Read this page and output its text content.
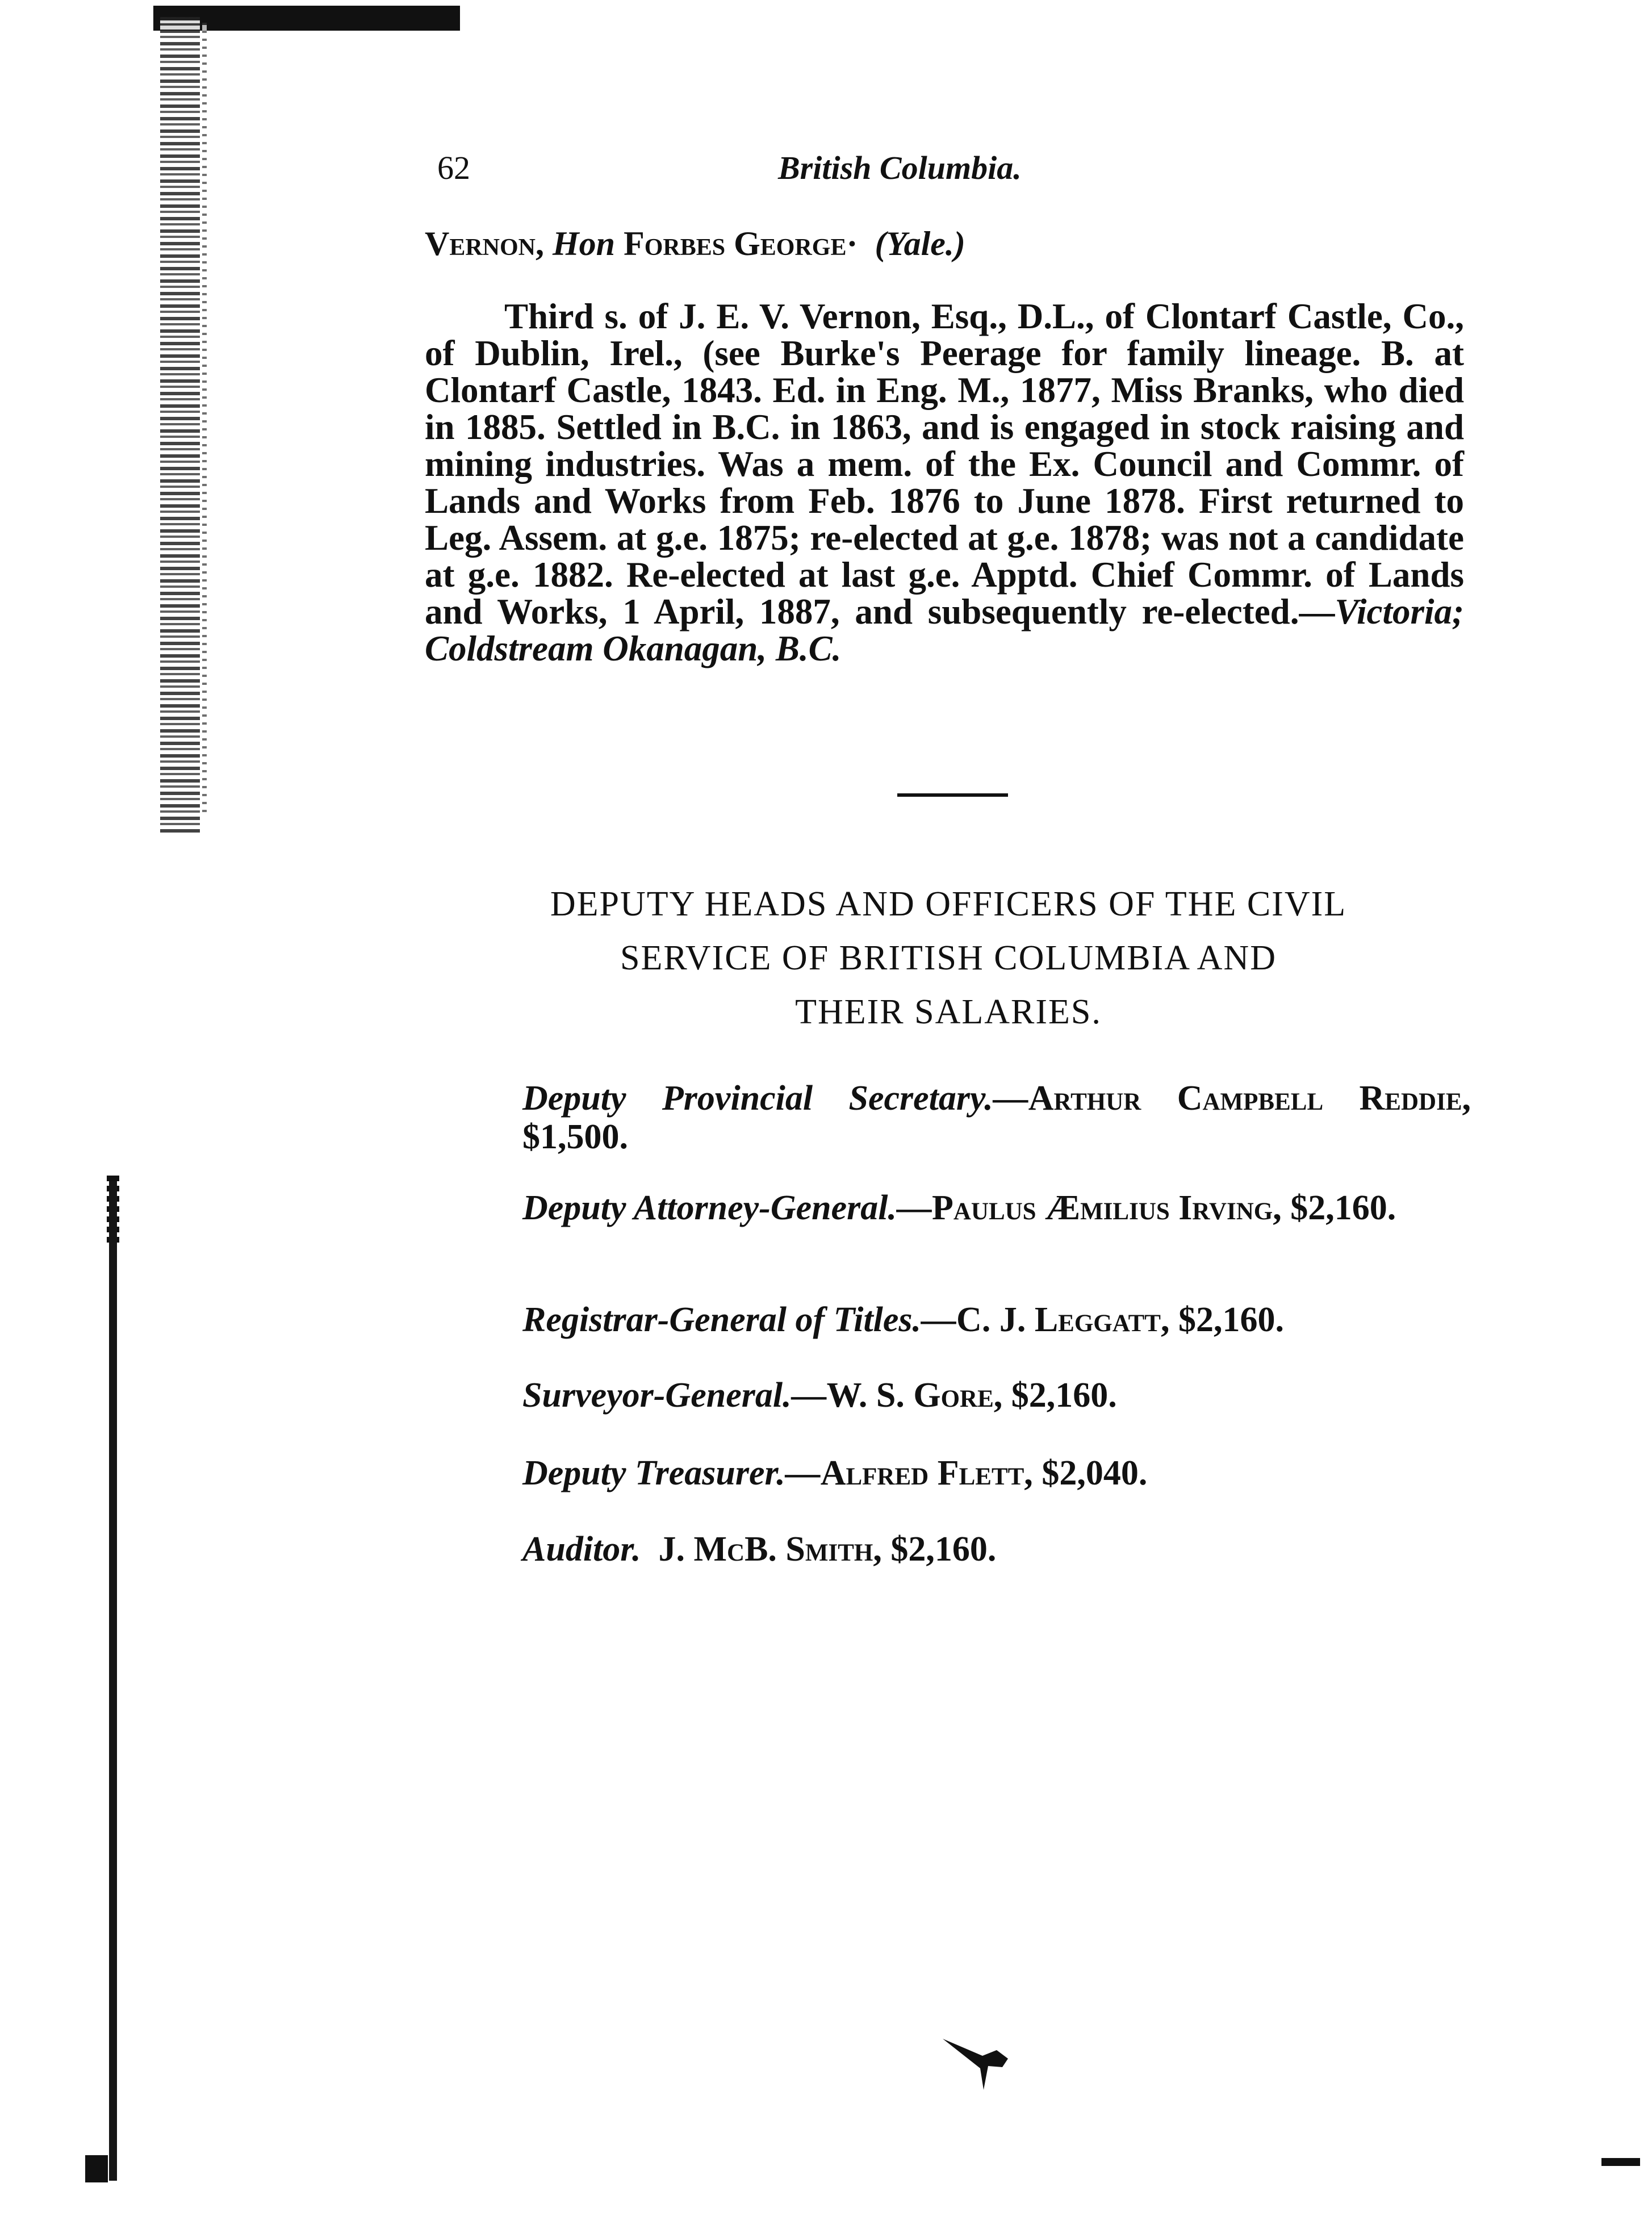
62	British Columbia.
Vernon, Hon Forbes George· (Yale.)
Third s. of J. E. V. Vernon, Esq., D.L., of Clontarf Castle, Co., of Dublin, Irel., (see Burke's Peerage for family lineage. B. at Clontarf Castle, 1843. Ed. in Eng. M., 1877, Miss Branks, who died in 1885. Settled in B.C. in 1863, and is engaged in stock raising and mining industries. Was a mem. of the Ex. Council and Commr. of Lands and Works from Feb. 1876 to June 1878. First returned to Leg. Assem. at g.e. 1875; re-elected at g.e. 1878; was not a candidate at g.e. 1882. Re-elected at last g.e. Apptd. Chief Commr. of Lands and Works, 1 April, 1887, and subsequently re-elected.—Victoria; Coldstream Okanagan, B.C.
DEPUTY HEADS AND OFFICERS OF THE CIVIL
SERVICE OF BRITISH COLUMBIA AND
THEIR SALARIES.
Deputy Provincial Secretary.—Arthur Campbell Reddie, $1,500.
Deputy Attorney-General.—Paulus Æmilius Irving, $2,160.
Registrar-General of Titles.—C. J. Leggatt, $2,160.
Surveyor-General.—W. S. Gore, $2,160.
Deputy Treasurer.—Alfred Flett, $2,040.
Auditor. J. McB. Smith, $2,160.
